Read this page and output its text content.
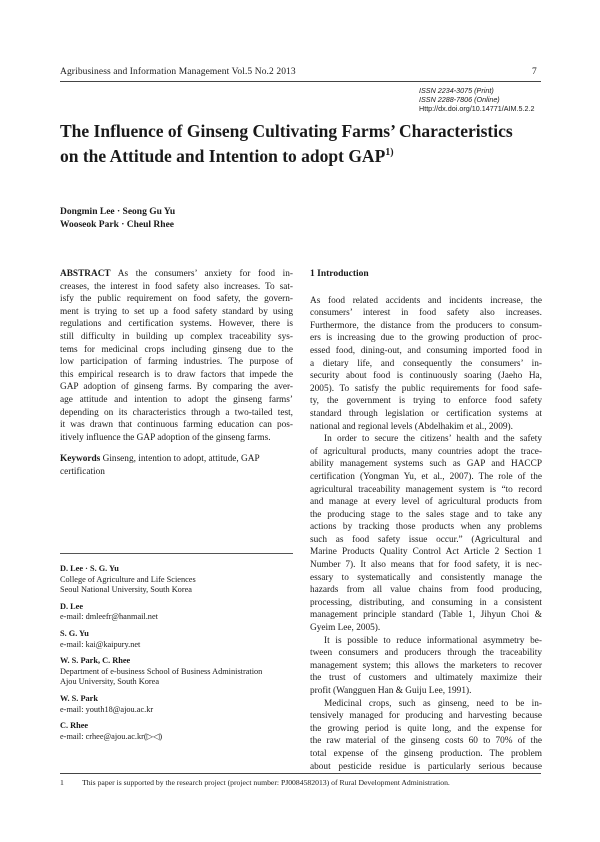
Agribusiness and Information Management Vol.5 No.2 2013	7
ISSN 2234-3075 (Print)
ISSN 2288-7806 (Online)
Http://dx.doi.org/10.14771/AIM.5.2.2
The Influence of Ginseng Cultivating Farms’ Characteristics
on the Attitude and Intention to adopt GAP$^{1)}$
Dongmin Lee · Seong Gu Yu
Wooseok Park · Cheul Rhee
ABSTRACT As the consumers’ anxiety for food in-
creases, the interest in food safety also increases. To sat-
isfy the public requirement on food safety, the govern-
ment is trying to set up a food safety standard by using
regulations and certification systems. However, there is
still difficulty in building up complex traceability sys-
tems for medicinal crops including ginseng due to the
low participation of farming industries. The purpose of
this empirical research is to draw factors that impede the
GAP adoption of ginseng farms. By comparing the aver-
age attitude and intention to adopt the ginseng farms’
depending on its characteristics through a two-tailed test,
it was drawn that continuous farming education can pos-
itively influence the GAP adoption of the ginseng farms.
Keywords Ginseng, intention to adopt, attitude, GAP
certification
D. Lee · S. G. Yu
College of Agriculture and Life Sciences
Seoul National University, South Korea
D. Lee
e-mail: dmleefr@hanmail.net
S. G. Yu
e-mail: kai@kaipury.net
W. S. Park, C. Rhee
Department of e-business School of Business Administration
Ajou University, South Korea
W. S. Park
e-mail: youth18@ajou.ac.kr
C. Rhee
e-mail: crhee@ajou.ac.kr(▷◁)
1 Introduction
As food related accidents and incidents increase, the
consumers’ interest in food safety also increases.
Furthermore, the distance from the producers to consum-
ers is increasing due to the growing production of proc-
essed food, dining-out, and consuming imported food in
a dietary life, and consequently the consumers’ in-
security about food is continuously soaring (Jaeho Ha,
2005). To satisfy the public requirements for food safe-
ty, the government is trying to enforce food safety
standard through legislation or certification systems at
national and regional levels (Abdelhakim et al., 2009).
In order to secure the citizens’ health and the safety
of agricultural products, many countries adopt the trace-
ability management systems such as GAP and HACCP
certification (Yongman Yu, et al., 2007). The role of the
agricultural traceability management system is “to record
and manage at every level of agricultural products from
the producing stage to the sales stage and to take any
actions by tracking those products when any problems
such as food safety issue occur.” (Agricultural and
Marine Products Quality Control Act Article 2 Section 1
Number 7). It also means that for food safety, it is nec-
essary to systematically and consistently manage the
hazards from all value chains from food producing,
processing, distributing, and consuming in a consistent
management principle standard (Table 1, Jihyun Choi &
Gyeim Lee, 2005).
It is possible to reduce informational asymmetry be-
tween consumers and producers through the traceability
management system; this allows the marketers to recover
the trust of customers and ultimately maximize their
profit (Wangguen Han & Guiju Lee, 1991).
Medicinal crops, such as ginseng, need to be in-
tensively managed for producing and harvesting because
the growing period is quite long, and the expense for
the raw material of the ginseng costs 60 to 70% of the
total expense of the ginseng production. The problem
about pesticide residue is particularly serious because
1 This paper is supported by the research project (project number: PJ0084582013) of Rural Development Administration.
